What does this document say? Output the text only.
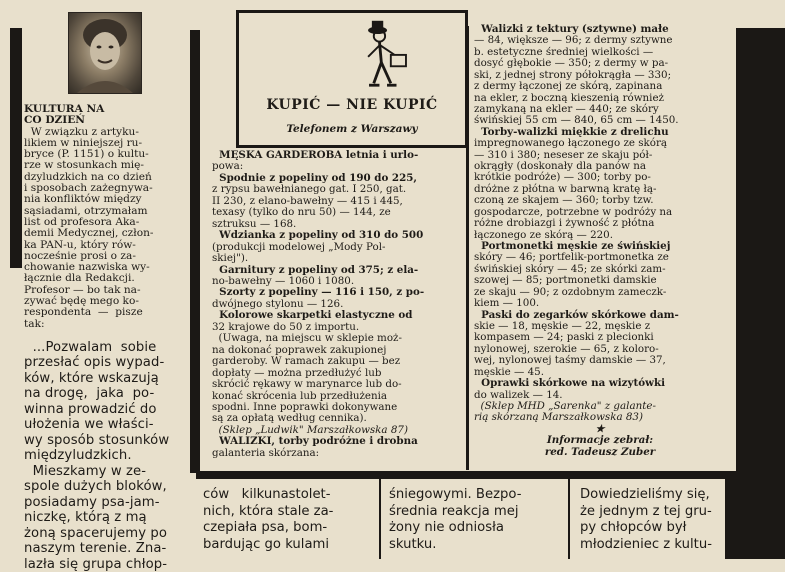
KULTURA NA

CO DZIEŃ

W związku z artyku-

likiem w niniejszej ru-

bryce (P. 1151) o kultu-

rze w stosunkach mię-

dzyludzkich na co dzień

i sposobach zażegnywa-

nia konfliktów między

sąsiadami, otrzymałam

list od profesora Aka-

demii Medycznej, człon-

ka PAN-u, który rów-

nocześnie prosi o za-

chowanie nazwiska wy-

łącznie dla Redakcji.

Profesor — bo tak na-

zywać będę mego ko-

respondenta  —  pisze

tak:

...Pozwalam  sobie

przesłać opis wypad-

ków, które wskazują

na drogę,  jaka  po-

winna prowadzić do

ułożenia we właści-

wy sposób stosunków

międzyludzkich.

Mieszkamy w ze-

spole dużych bloków,

posiadamy psa-jam-

niczkę, którą z mą

żoną spacerujemy po

naszym terenie. Zna-

lazła się grupa chłop-

KUPIĆ — NIE KUPIĆ
Telefonem z Warszawy

MĘSKA GARDEROBA letnia i urlo-

powa:

Spodnie z popeliny od 190 do 225,

z rypsu bawełnianego gat. I 250, gat.

II 230, z elano-bawełny — 415 i 445,

texasy (tylko do nru 50) — 144, ze

sztruksu — 168.

Wdzianka z popeliny od 310 do 500

(produkcji modelowej „Mody Pol-

skiej").

Garnitury z popeliny od 375; z ela-

no-bawełny — 1060 i 1080.

Szorty z popeliny — 116 i 150, z po-

dwójnego stylonu — 126.

Kolorowe skarpetki elastyczne od

32 krajowe do 50 z importu.

(Uwaga, na miejscu w sklepie moż-

na dokonać poprawek zakupionej

garderoby. W ramach zakupu — bez

dopłaty — można przedłużyć lub

skrócić rękawy w marynarce lub do-

konać skrócenia lub przedłużenia

spodni. Inne poprawki dokonywane

są za opłatą według cennika).

(Sklep „Ludwik" Marszałkowska 87)

WALIZKI, torby podróżne i drobna

galanteria skórzana:

Walizki z tektury (sztywne) małe

— 84, większe — 96; z dermy sztywne

b. estetyczne średniej wielkości —

dosyć głębokie — 350; z dermy w pa-

ski, z jednej strony półokrągła — 330;

z dermy łączonej ze skórą, zapinana

na ekler, z boczną kieszenią również

zamykaną na ekler — 440; ze skóry

świńskiej 55 cm — 840, 65 cm — 1450.

Torby-walizki miękkie z drelichu

impregnowanego łączonego ze skórą

— 310 i 380; neseser ze skaju pół-

okrągły (doskonały dla panów na

krótkie podróże) — 300; torby po-

dróżne z płótna w barwną kratę łą-

czoną ze skajem — 360; torby tzw.

gospodarcze, potrzebne w podróży na

różne drobiazgi i żywność z płótna

łączonego ze skórą — 220.

Portmonetki męskie ze świńskiej

skóry — 46; portfelik-portmonetka ze

świńskiej skóry — 45; ze skórki zam-

szowej — 85; portmonetki damskie

ze skaju — 90; z ozdobnym zameczk-

kiem — 100.

Paski do zegarków skórkowe dam-

skie — 18, męskie — 22, męskie z

kompasem — 24; paski z plecionki

nylonowej, szerokie — 65, z koloro-

wej, nylonowej taśmy damskie — 37,

męskie — 45.

Oprawki skórkowe na wizytówki

do walizek — 14.

(Sklep MHD „Sarenka" z galante-

rią skórzaną Marszałkowska 83)

★

Informacje zebrał:

red. Tadeusz Zuber

ców   kilkunastolet-

nich, która stale za-

czepiała psa, bom-

bardując go kulami

śniegowymi. Bezpo-

średnia reakcja mej

żony nie odniosła

skutku.

Dowiedzieliśmy się,

że jednym z tej gru-

py chłopców był

młodzieniec z kultu-
